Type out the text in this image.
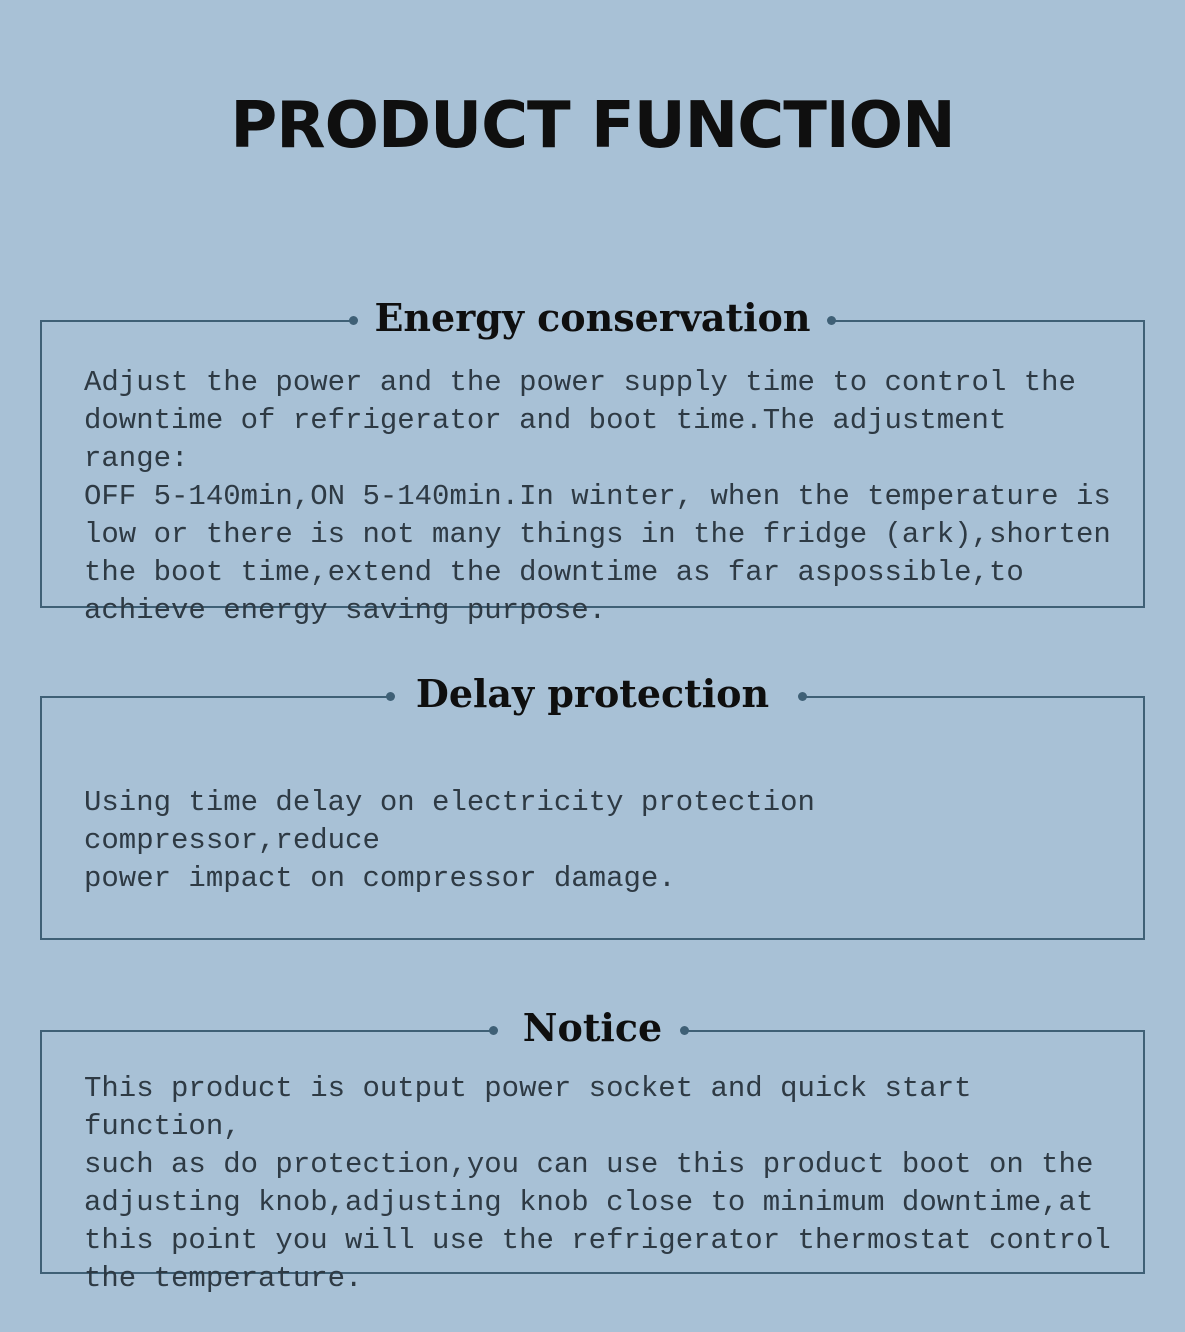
PRODUCT FUNCTION
Energy conservation

Adjust the power and the power supply time to control the
downtime of refrigerator and boot time.The adjustment range:
OFF 5-140min,ON 5-140min.In winter, when the temperature is
low or there is not many things in the fridge (ark),shorten
the boot time,extend the downtime as far aspossible,to
achieve energy saving purpose.

Delay protection

Using time delay on electricity protection compressor,reduce
power impact on compressor damage.

Notice

This product is output power socket and quick start function,
such as do protection,you can use this product boot on the
adjusting knob,adjusting knob close to minimum downtime,at
this point you will use the refrigerator thermostat control
the temperature.
